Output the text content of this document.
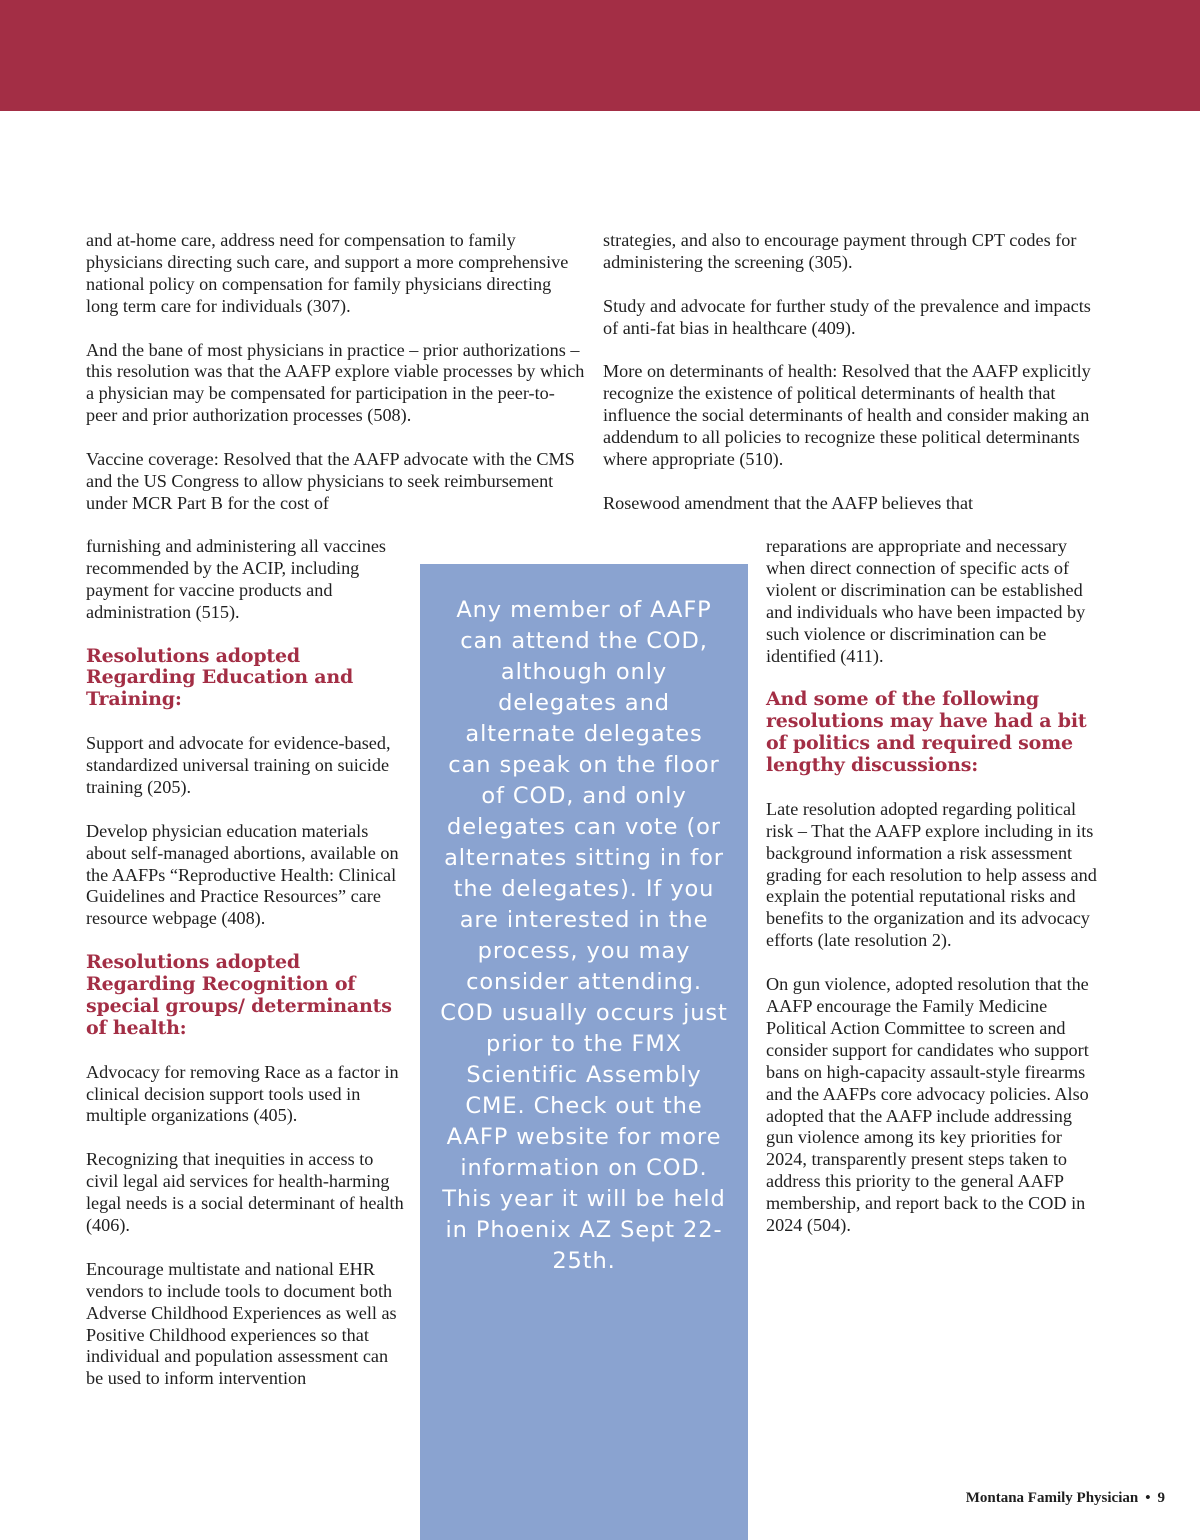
and at-home care, address need for compensation to family physicians directing such care, and support a more comprehensive national policy on compensation for family physicians directing long term care for individuals (307).

And the bane of most physicians in practice – prior authorizations – this resolution was that the AAFP explore viable processes by which a physician may be compensated for participation in the peer-to-peer and prior authorization processes (508).

Vaccine coverage: Resolved that the AAFP advocate with the CMS and the US Congress to allow physicians to seek reimbursement under MCR Part B for the cost of

furnishing and administering all vaccines recommended by the ACIP, including payment for vaccine products and administration (515).

Resolutions adopted Regarding Education and Training:

Support and advocate for evidence-based, standardized universal training on suicide training (205).

Develop physician education materials about self-managed abortions, available on the AAFPs “Reproductive Health: Clinical Guidelines and Practice Resources” care resource webpage (408).

Resolutions adopted Regarding Recognition of special groups/ determinants of health:

Advocacy for removing Race as a factor in clinical decision support tools used in multiple organizations (405).

Recognizing that inequities in access to civil legal aid services for health-harming legal needs is a social determinant of health (406).

Encourage multistate and national EHR vendors to include tools to document both Adverse Childhood Experiences as well as Positive Childhood experiences so that individual and population assessment can be used to inform intervention

strategies, and also to encourage payment through CPT codes for administering the screening (305).

Study and advocate for further study of the prevalence and impacts of anti-fat bias in healthcare (409).

More on determinants of health: Resolved that the AAFP explicitly recognize the existence of political determinants of health that influence the social determinants of health and consider making an addendum to all policies to recognize these political determinants where appropriate (510).

Rosewood amendment that the AAFP believes that

reparations are appropriate and necessary when direct connection of specific acts of violent or discrimination can be established and individuals who have been impacted by such violence or discrimination can be identified (411).

And some of the following resolutions may have had a bit of politics and required some lengthy discussions:

Late resolution adopted regarding political risk – That the AAFP explore including in its background information a risk assessment grading for each resolution to help assess and explain the potential reputational risks and benefits to the organization and its advocacy efforts (late resolution 2).

On gun violence, adopted resolution that the AAFP encourage the Family Medicine Political Action Committee to screen and consider support for candidates who support bans on high-capacity assault-style firearms and the AAFPs core advocacy policies. Also adopted that the AAFP include addressing gun violence among its key priorities for 2024, transparently present steps taken to address this priority to the general AAFP membership, and report back to the COD in 2024 (504).

Any member of AAFP can attend the COD, although only delegates and alternate delegates can speak on the floor of COD, and only delegates can vote (or alternates sitting in for the delegates). If you are interested in the process, you may consider attending. COD usually occurs just prior to the FMX Scientific Assembly CME. Check out the AAFP website for more information on COD. This year it will be held in Phoenix AZ Sept 22-25th.
Montana Family Physician • 9
